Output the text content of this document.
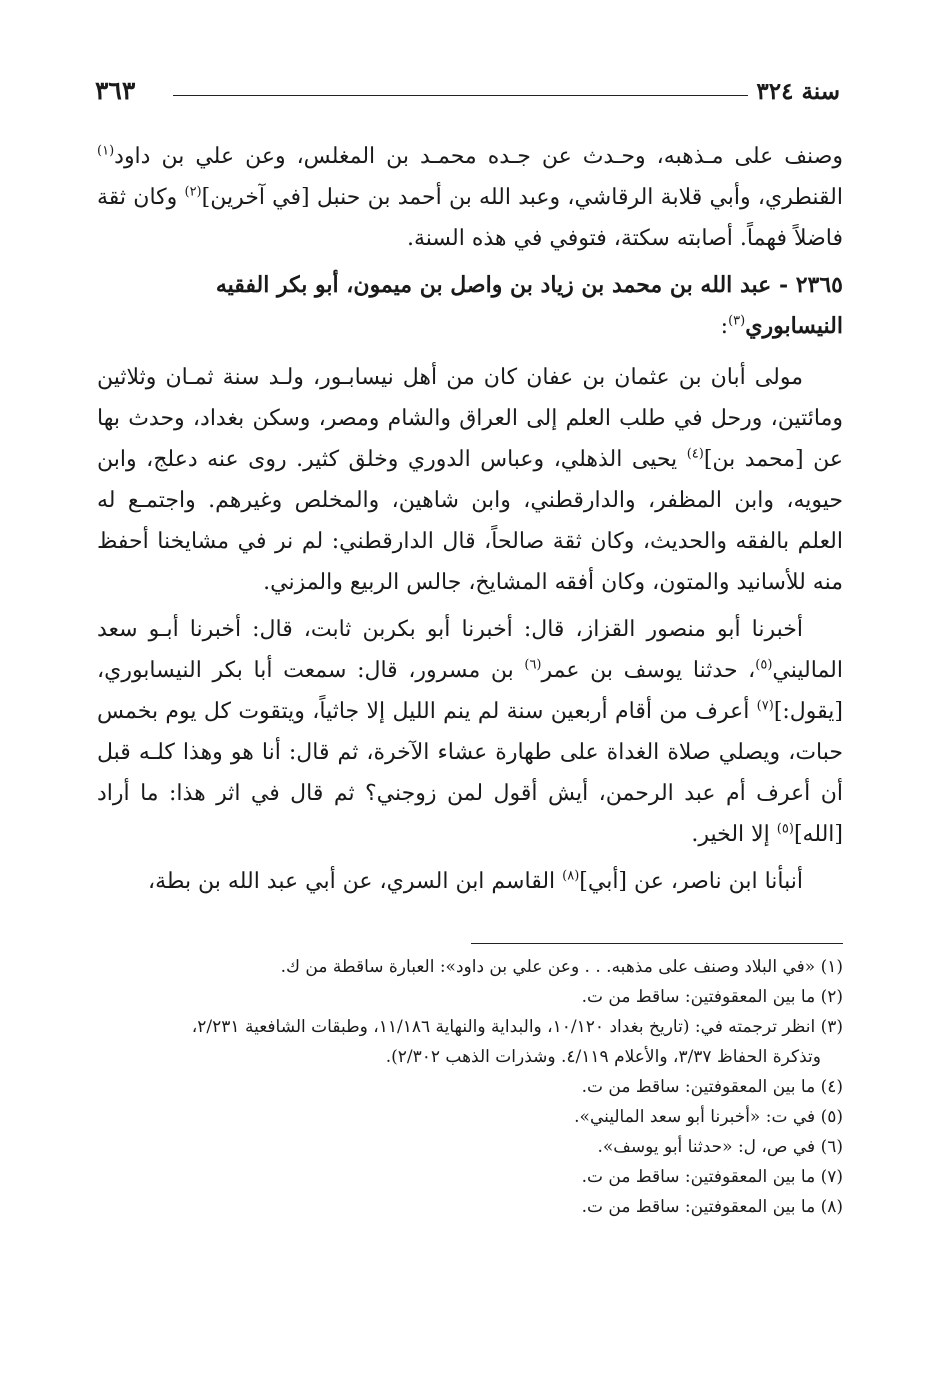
سنة ٣٢٤
٣٦٣

وصنف على مـذهبه، وحـدث عن جـده محمـد بن المغلس، وعن علي بن داود$^{(١)}$ القنطري، وأبي قلابة الرقاشي، وعبد الله بن أحمد بن حنبل [في آخرين]$^{(٢)}$ وكان ثقة فاضلاً فهماً. أصابته سكتة، فتوفي في هذه السنة.

٢٣٦٥ - عبد الله بن محمد بن زياد بن واصل بن ميمون، أبو بكر الفقيه النيسابوري$^{(٣)}$:

مولى أبان بن عثمان بن عفان كان من أهل نيسابـور، ولـد سنة ثمـان وثلاثين ومائتين، ورحل في طلب العلم إلى العراق والشام ومصر، وسكن بغداد، وحدث بها عن [محمد بن]$^{(٤)}$ يحيى الذهلي، وعباس الدوري وخلق كثير. روى عنه دعلج، وابن حيويه، وابن المظفر، والدارقطني، وابن شاهين، والمخلص وغيرهم. واجتمـع له العلم بالفقه والحديث، وكان ثقة صالحاً، قال الدارقطني: لم نر في مشايخنا أحفظ منه للأسانيد والمتون، وكان أفقه المشايخ، جالس الربيع والمزني.

أخبرنا أبو منصور القزاز، قال: أخبرنا أبو بكربن ثابت، قال: أخبرنا أبـو سعد الماليني$^{(٥)}$، حدثنا يوسف بن عمر$^{(٦)}$ بن مسرور، قال: سمعت أبا بكر النيسابوري، [يقول:]$^{(٧)}$ أعرف من أقام أربعين سنة لم ينم الليل إلا جاثياً، ويتقوت كل يوم بخمس حبات، ويصلي صلاة الغداة على طهارة عشاء الآخرة، ثم قال: أنا هو وهذا كلـه قبل أن أعرف أم عبد الرحمن، أيش أقول لمن زوجني؟ ثم قال في اثر هذا: ما أراد [الله]$^{(٥)}$ إلا الخير.

أنبأنا ابن ناصر، عن [أبي]$^{(٨)}$ القاسم ابن السري، عن أبي عبد الله بن بطة،

(١) «في البلاد وصنف على مذهبه. . . وعن علي بن داود»: العبارة ساقطة من ك.

(٢) ما بين المعقوفتين: ساقط من ت.

(٣) انظر ترجمته في: (تاريخ بغداد ١٠/١٢٠، والبداية والنهاية ١١/١٨٦، وطبقات الشافعية ٢/٢٣١،

وتذكرة الحفاظ ٣/٣٧، والأعلام ٤/١١٩. وشذرات الذهب ٢/٣٠٢).

(٤) ما بين المعقوفتين: ساقط من ت.

(٥) في ت: «أخبرنا أبو سعد الماليني».

(٦) في ص، ل: «حدثنا أبو يوسف».

(٧) ما بين المعقوفتين: ساقط من ت.

(٨) ما بين المعقوفتين: ساقط من ت.
